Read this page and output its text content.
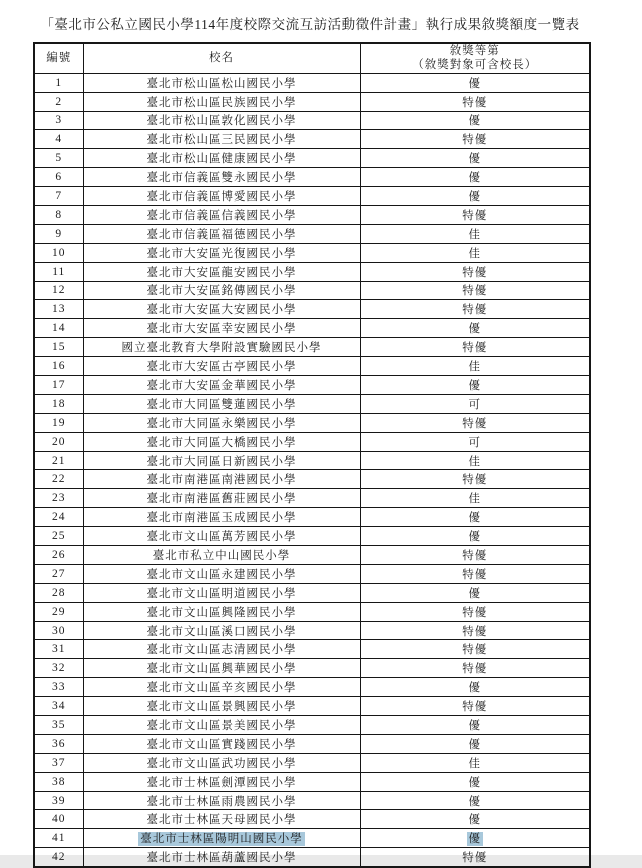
「臺北市公私立國民小學114年度校際交流互訪活動徵件計畫」執行成果敘獎額度一覽表
編號	校名	敘獎等第
（敘獎對象可含校長）

1	臺北市松山區松山國民小學	優
2	臺北市松山區民族國民小學	特優
3	臺北市松山區敦化國民小學	優
4	臺北市松山區三民國民小學	特優
5	臺北市松山區健康國民小學	優
6	臺北市信義區雙永國民小學	優
7	臺北市信義區博愛國民小學	優
8	臺北市信義區信義國民小學	特優
9	臺北市信義區福德國民小學	佳
10	臺北市大安區光復國民小學	佳
11	臺北市大安區龍安國民小學	特優
12	臺北市大安區銘傳國民小學	特優
13	臺北市大安區大安國民小學	特優
14	臺北市大安區幸安國民小學	優
15	國立臺北教育大學附設實驗國民小學	特優
16	臺北市大安區古亭國民小學	佳
17	臺北市大安區金華國民小學	優
18	臺北市大同區雙蓮國民小學	可
19	臺北市大同區永樂國民小學	特優
20	臺北市大同區大橋國民小學	可
21	臺北市大同區日新國民小學	佳
22	臺北市南港區南港國民小學	特優
23	臺北市南港區舊莊國民小學	佳
24	臺北市南港區玉成國民小學	優
25	臺北市文山區萬芳國民小學	優
26	臺北市私立中山國民小學	特優
27	臺北市文山區永建國民小學	特優
28	臺北市文山區明道國民小學	優
29	臺北市文山區興隆國民小學	特優
30	臺北市文山區溪口國民小學	特優
31	臺北市文山區志清國民小學	特優
32	臺北市文山區興華國民小學	特優
33	臺北市文山區辛亥國民小學	優
34	臺北市文山區景興國民小學	特優
35	臺北市文山區景美國民小學	優
36	臺北市文山區實踐國民小學	優
37	臺北市文山區武功國民小學	佳
38	臺北市士林區劍潭國民小學	優
39	臺北市士林區雨農國民小學	優
40	臺北市士林區天母國民小學	優
41	臺北市士林區陽明山國民小學	優
42	臺北市士林區葫蘆國民小學	特優
